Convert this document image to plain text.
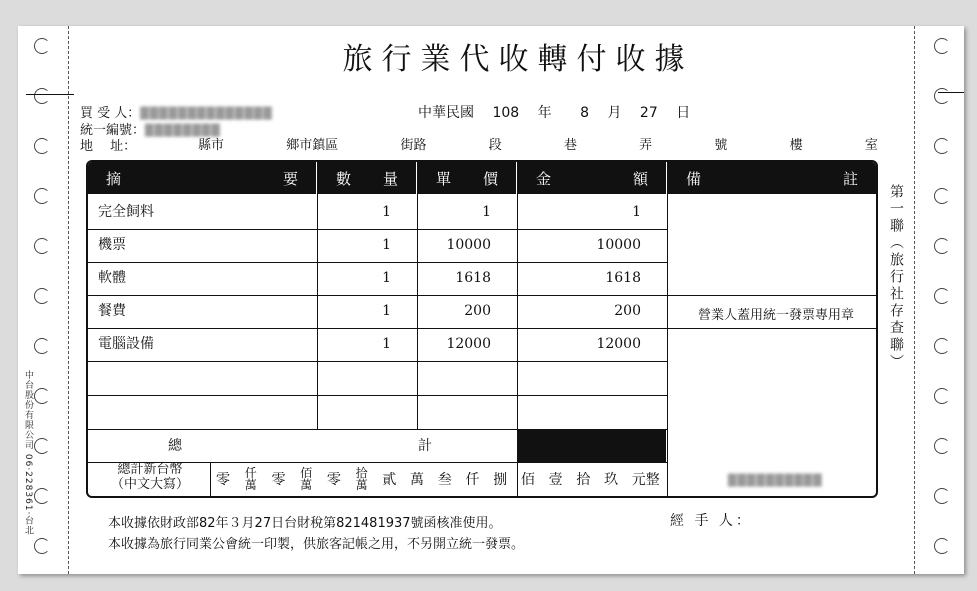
中台股份有限公司 06·228361·台北
第一聯（旅行社存查聯）
旅行業代收轉付收據
買 受 人：██████████████
統一編號：████████
地　 址：
中華民國 108 年 8 月 27 日
縣市	鄉市鎮區	街路	段	巷	弄	號	樓	室
摘	要	數 量	單 價	金	額	備	註
完全飼料	1	1	1
機票	1	10000	10000
軟體	1	1618	1618
餐費	1	200	200
電腦設備	1	12000	12000
營業人蓋用統一發票專用章
總	計
總計新台幣
（中文大寫）	零 仟萬 零 佰萬 零 拾萬 貳 萬 叁 仟 捌 佰 壹 拾 玖 元整	██████████
本收據依財政部82年３月27日台財稅第821481937號函核准使用。
本收據為旅行同業公會統一印製，供旅客記帳之用，不另開立統一發票。
經 手 人：
